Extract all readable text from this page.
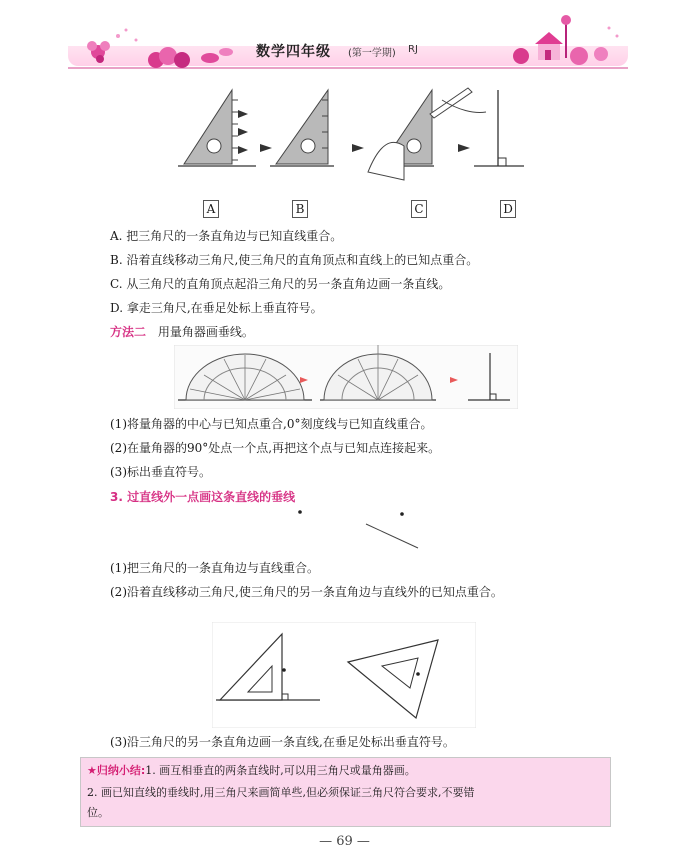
数学四年级 (第一学期) RJ
A	B	C	D
A. 把三角尺的一条直角边与已知直线重合。
B. 沿着直线移动三角尺,使三角尺的直角顶点和直线上的已知点重合。
C. 从三角尺的直角顶点起沿三角尺的另一条直角边画一条直线。
D. 拿走三角尺,在垂足处标上垂直符号。
方法二 用量角器画垂线。
(1)将量角器的中心与已知点重合,0°刻度线与已知直线重合。
(2)在量角器的90°处点一个点,再把这个点与已知点连接起来。
(3)标出垂直符号。
3. 过直线外一点画这条直线的垂线
(1)把三角尺的一条直角边与直线重合。
(2)沿着直线移动三角尺,使三角尺的另一条直角边与直线外的已知点重合。
(3)沿三角尺的另一条直角边画一条直线,在垂足处标出垂直符号。
★归纳小结:1. 画互相垂直的两条直线时,可以用三角尺或量角器画。
2. 画已知直线的垂线时,用三角尺来画简单些,但必须保证三角尺符合要求,不要错
位。
— 69 —
